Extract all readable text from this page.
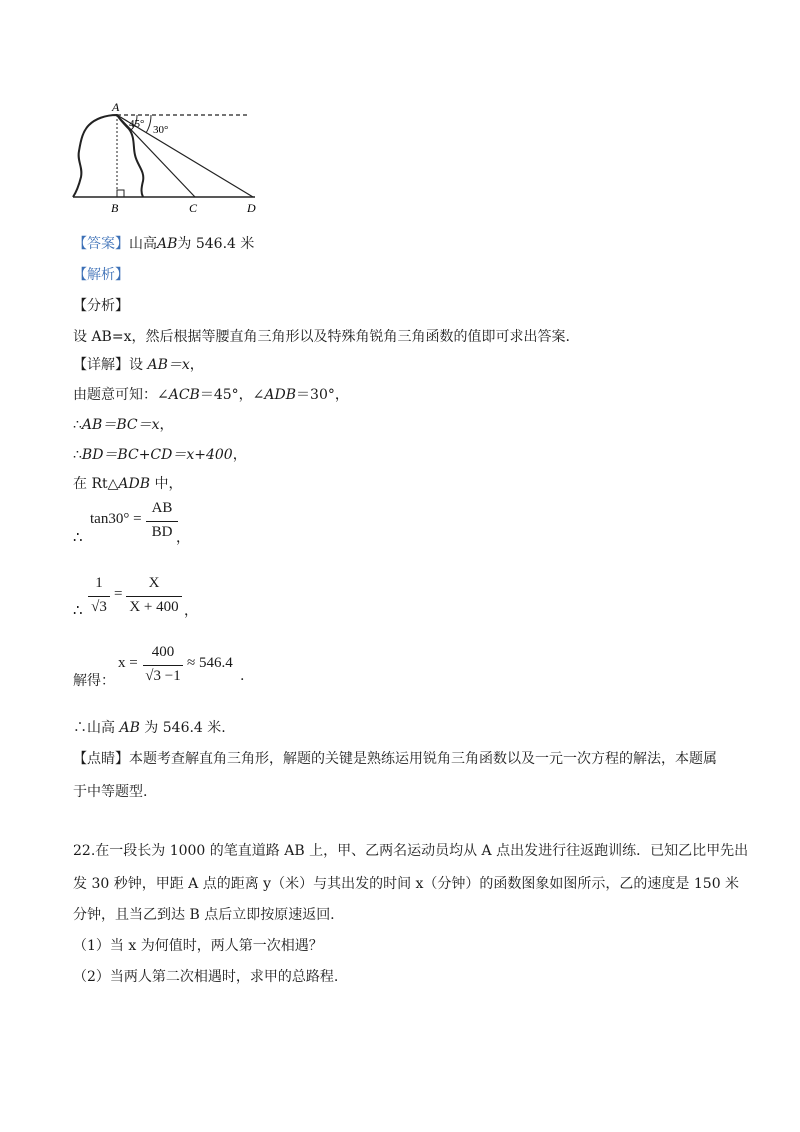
A
45° 30°
B	C	D
【答案】山高AB为 546.4 米
【解析】
【分析】
设 AB=x，然后根据等腰直角三角形以及特殊角锐角三角函数的值即可求出答案.
【详解】设 AB＝x，
由题意可知：∠ACB＝45°，∠ADB＝30°，
∴AB＝BC＝x，
∴BD＝BC+CD＝x+400，
在 Rt△ADB 中，
∴
tan30° =
AB
BD ，
∴
1
√3
=
X
X + 400 ，
解得：
x =
400
√3 −1
≈ 546.4
.
∴山高 AB 为 546.4 米.
【点睛】本题考查解直角三角形，解题的关键是熟练运用锐角三角函数以及一元一次方程的解法，本题属
于中等题型.
22.在一段长为 1000 的笔直道路 AB 上，甲、乙两名运动员均从 A 点出发进行往返跑训练．已知乙比甲先出
发 30 秒钟，甲距 A 点的距离 y（米）与其出发的时间 x（分钟）的函数图象如图所示，乙的速度是 150 米
分钟，且当乙到达 B 点后立即按原速返回.
（1）当 x 为何值时，两人第一次相遇？
（2）当两人第二次相遇时，求甲的总路程.
